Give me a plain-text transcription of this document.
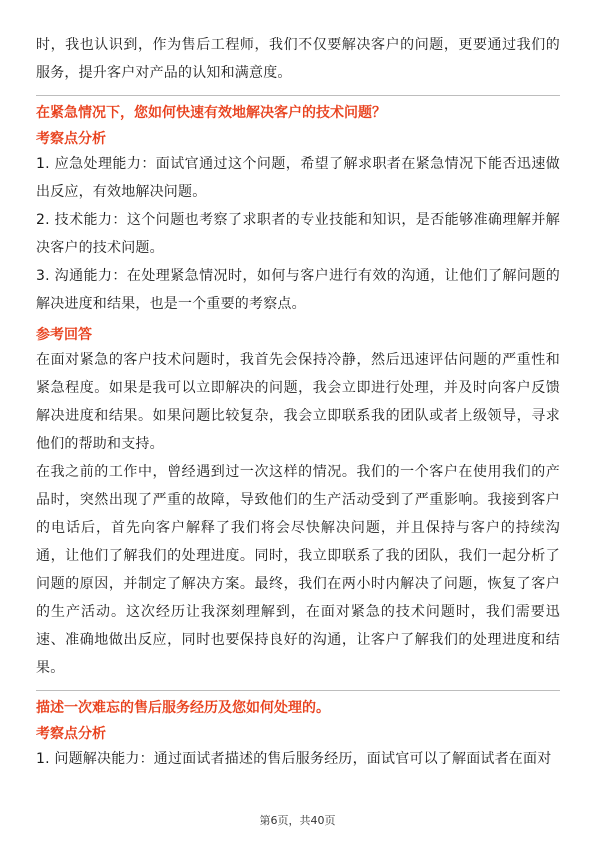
时，我也认识到，作为售后工程师，我们不仅要解决客户的问题，更要通过我们的服务，提升客户对产品的认知和满意度。

在紧急情况下，您如何快速有效地解决客户的技术问题？

考察点分析

1. 应急处理能力：面试官通过这个问题，希望了解求职者在紧急情况下能否迅速做出反应，有效地解决问题。

2. 技术能力：这个问题也考察了求职者的专业技能和知识，是否能够准确理解并解决客户的技术问题。

3. 沟通能力：在处理紧急情况时，如何与客户进行有效的沟通，让他们了解问题的解决进度和结果，也是一个重要的考察点。

参考回答

在面对紧急的客户技术问题时，我首先会保持冷静，然后迅速评估问题的严重性和紧急程度。如果是我可以立即解决的问题，我会立即进行处理，并及时向客户反馈解决进度和结果。如果问题比较复杂，我会立即联系我的团队或者上级领导，寻求他们的帮助和支持。

在我之前的工作中，曾经遇到过一次这样的情况。我们的一个客户在使用我们的产品时，突然出现了严重的故障，导致他们的生产活动受到了严重影响。我接到客户的电话后，首先向客户解释了我们将会尽快解决问题，并且保持与客户的持续沟通，让他们了解我们的处理进度。同时，我立即联系了我的团队，我们一起分析了问题的原因，并制定了解决方案。最终，我们在两小时内解决了问题，恢复了客户的生产活动。这次经历让我深刻理解到，在面对紧急的技术问题时，我们需要迅速、准确地做出反应，同时也要保持良好的沟通，让客户了解我们的处理进度和结果。

描述一次难忘的售后服务经历及您如何处理的。

考察点分析

1. 问题解决能力：通过面试者描述的售后服务经历，面试官可以了解面试者在面对

第6页，共40页
